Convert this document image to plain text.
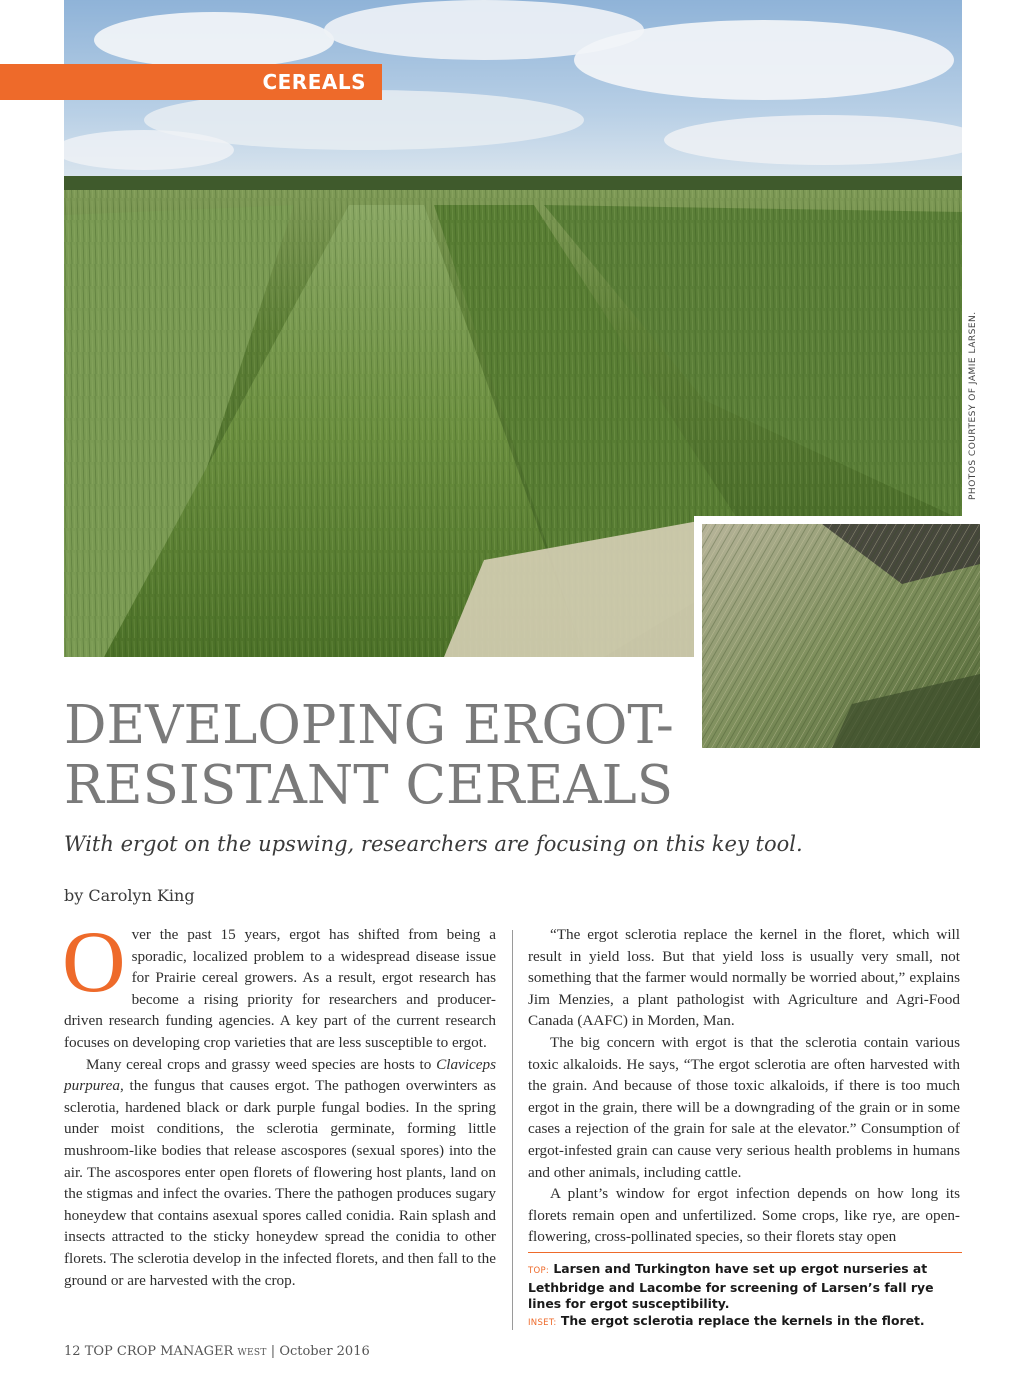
CEREALS
PHOTOS COURTESY OF JAMIE LARSEN.
DEVELOPING ERGOT-
RESISTANT CEREALS
With ergot on the upswing, researchers are focusing on this key tool.
by Carolyn King

Over the past 15 years, ergot has shifted from being a sporadic, localized problem to a widespread disease issue for Prairie cereal growers. As a result, ergot research has become a rising priority for researchers and producer-driven research funding agencies. A key part of the current research focuses on developing crop varieties that are less susceptible to ergot.

Many cereal crops and grassy weed species are hosts to Claviceps purpurea, the fungus that causes ergot. The pathogen overwinters as sclerotia, hardened black or dark purple fungal bodies. In the spring under moist conditions, the sclerotia germinate, forming little mushroom-like bodies that release ascospores (sexual spores) into the air. The ascospores enter open florets of flowering host plants, land on the stigmas and infect the ovaries. There the pathogen produces sugary honeydew that contains asexual spores called conidia. Rain splash and insects attracted to the sticky honeydew spread the conidia to other florets. The sclerotia develop in the infected florets, and then fall to the ground or are harvested with the crop.

“The ergot sclerotia replace the kernel in the floret, which will result in yield loss. But that yield loss is usually very small, not something that the farmer would normally be worried about,” explains Jim Menzies, a plant pathologist with Agriculture and Agri-Food Canada (AAFC) in Morden, Man.

The big concern with ergot is that the sclerotia contain various toxic alkaloids. He says, “The ergot sclerotia are often harvested with the grain. And because of those toxic alkaloids, if there is too much ergot in the grain, there will be a downgrading of the grain or in some cases a rejection of the grain for sale at the elevator.” Consumption of ergot-infested grain can cause very serious health problems in humans and other animals, including cattle.

A plant’s window for ergot infection depends on how long its florets remain open and unfertilized. Some crops, like rye, are open-flowering, cross-pollinated species, so their florets stay open

TOP: Larsen and Turkington have set up ergot nurseries at Lethbridge and Lacombe for screening of Larsen’s fall rye lines for ergot susceptibility.

INSET: The ergot sclerotia replace the kernels in the floret.

12 TOP CROP MANAGER WEST | October 2016
